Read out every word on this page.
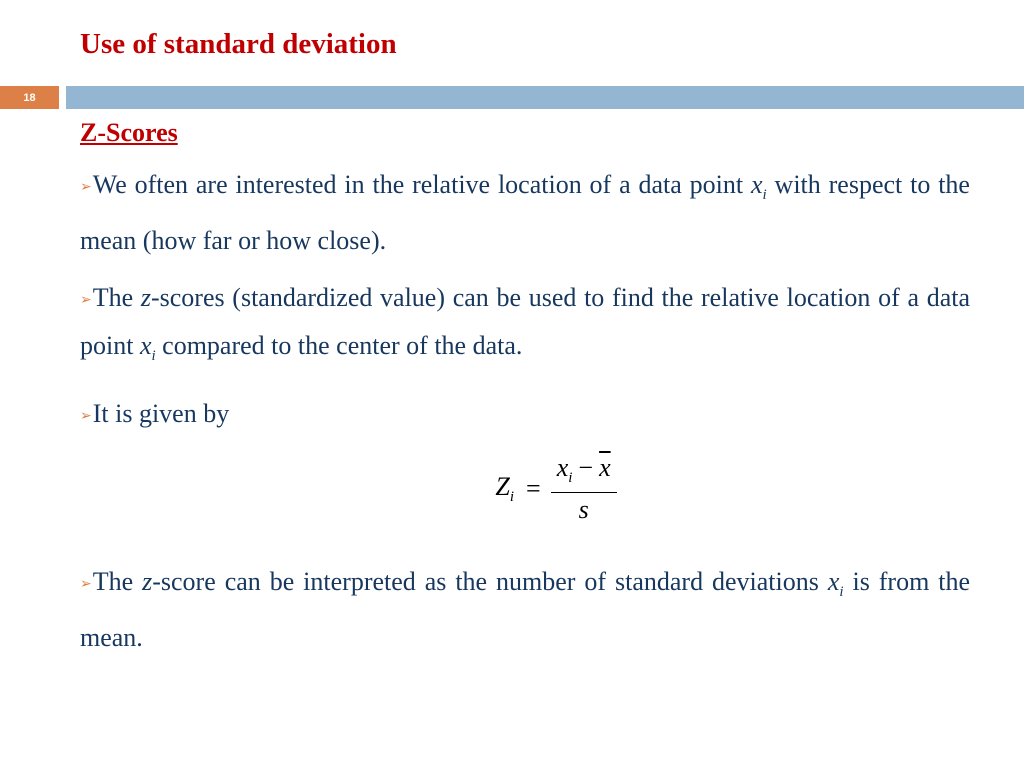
Use of standard deviation
18
Z-Scores

➢We often are interested in the relative location of a data point $x_i$ with respect to the mean (how far or how close).

➢The z-scores (standardized value) can be used to find the relative location of a data point $x_i$ compared to the center of the data.

➢It is given by

$Z_i = \frac{x_i - \overline{x}}{s}$

➢The z-score can be interpreted as the number of standard deviations $x_i$ is from the mean.
